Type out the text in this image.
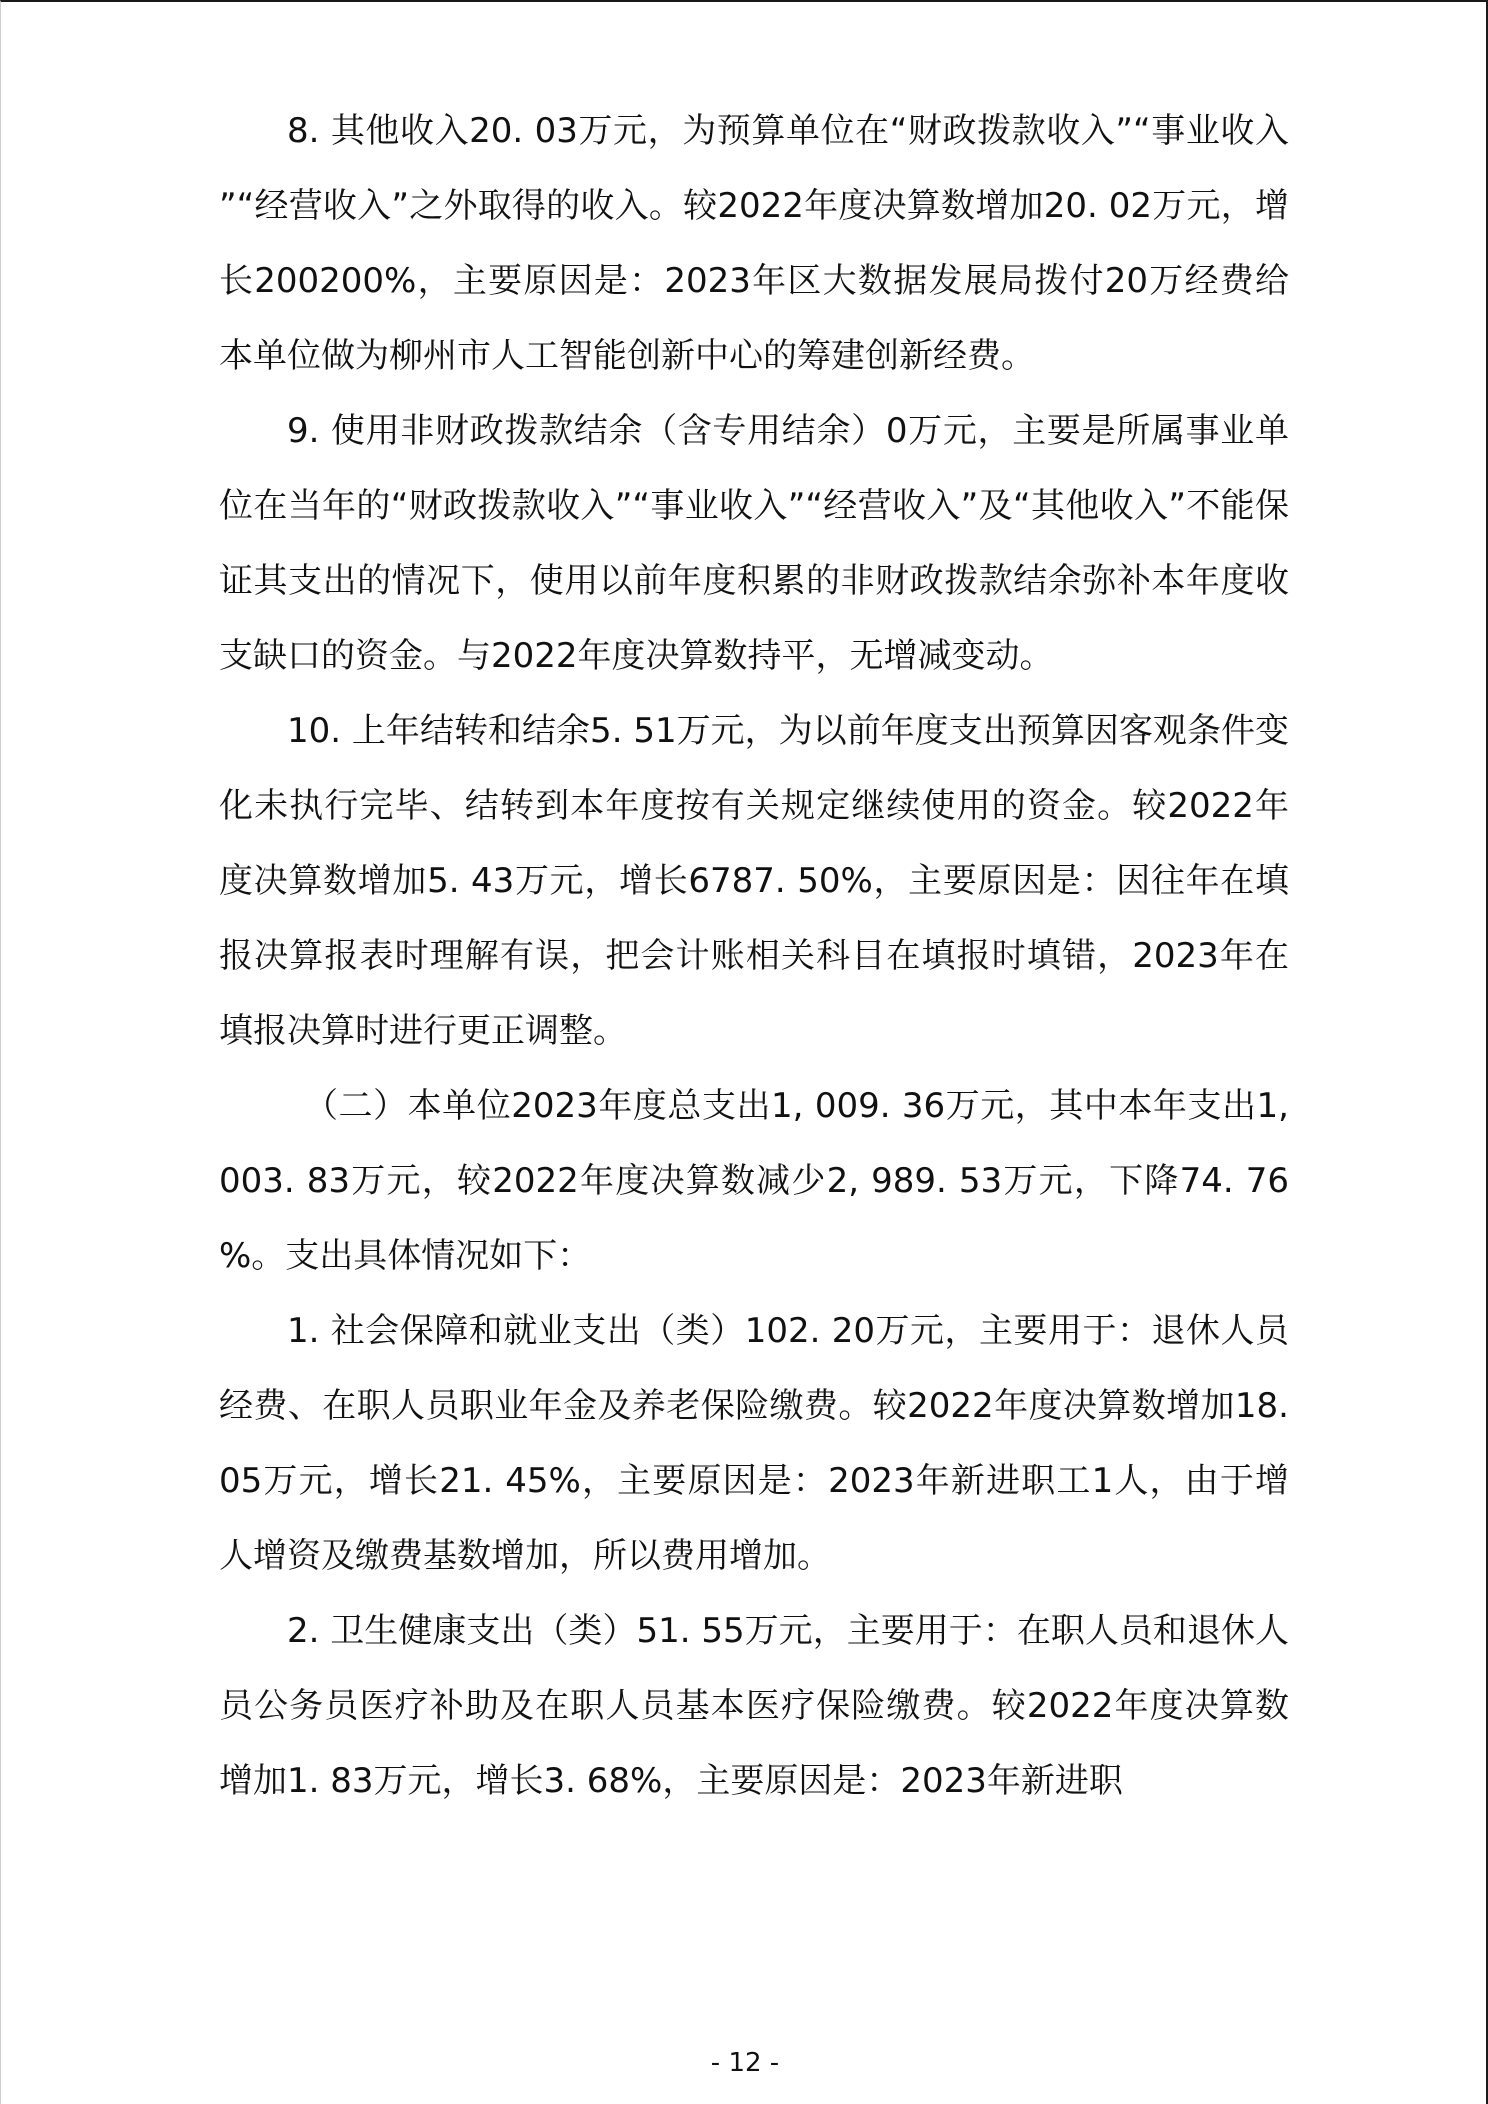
8. 其他收入20. 03万元，为预算单位在“财政拨款收入”“事业收入”“经营收入”之外取得的收入。较2022年度决算数增加20. 02万元，增长200200%，主要原因是：2023年区大数据发展局拨付20万经费给本单位做为柳州市人工智能创新中心的筹建创新经费。

9. 使用非财政拨款结余（含专用结余）0万元，主要是所属事业单位在当年的“财政拨款收入”“事业收入”“经营收入”及“其他收入”不能保证其支出的情况下，使用以前年度积累的非财政拨款结余弥补本年度收支缺口的资金。与2022年度决算数持平，无增减变动。

10. 上年结转和结余5. 51万元，为以前年度支出预算因客观条件变化未执行完毕、结转到本年度按有关规定继续使用的资金。较2022年度决算数增加5. 43万元，增长6787. 50%，主要原因是：因往年在填报决算报表时理解有误，把会计账相关科目在填报时填错，2023年在填报决算时进行更正调整。

（二）本单位2023年度总支出1, 009. 36万元，其中本年支出1, 003. 83万元，较2022年度决算数减少2, 989. 53万元，下降74. 76%。支出具体情况如下：

1. 社会保障和就业支出（类）102. 20万元，主要用于：退休人员经费、在职人员职业年金及养老保险缴费。较2022年度决算数增加18. 05万元，增长21. 45%，主要原因是：2023年新进职工1人，由于增人增资及缴费基数增加，所以费用增加。

2. 卫生健康支出（类）51. 55万元，主要用于：在职人员和退休人员公务员医疗补助及在职人员基本医疗保险缴费。较2022年度决算数增加1. 83万元，增长3. 68%，主要原因是：2023年新进职

- 12 -
